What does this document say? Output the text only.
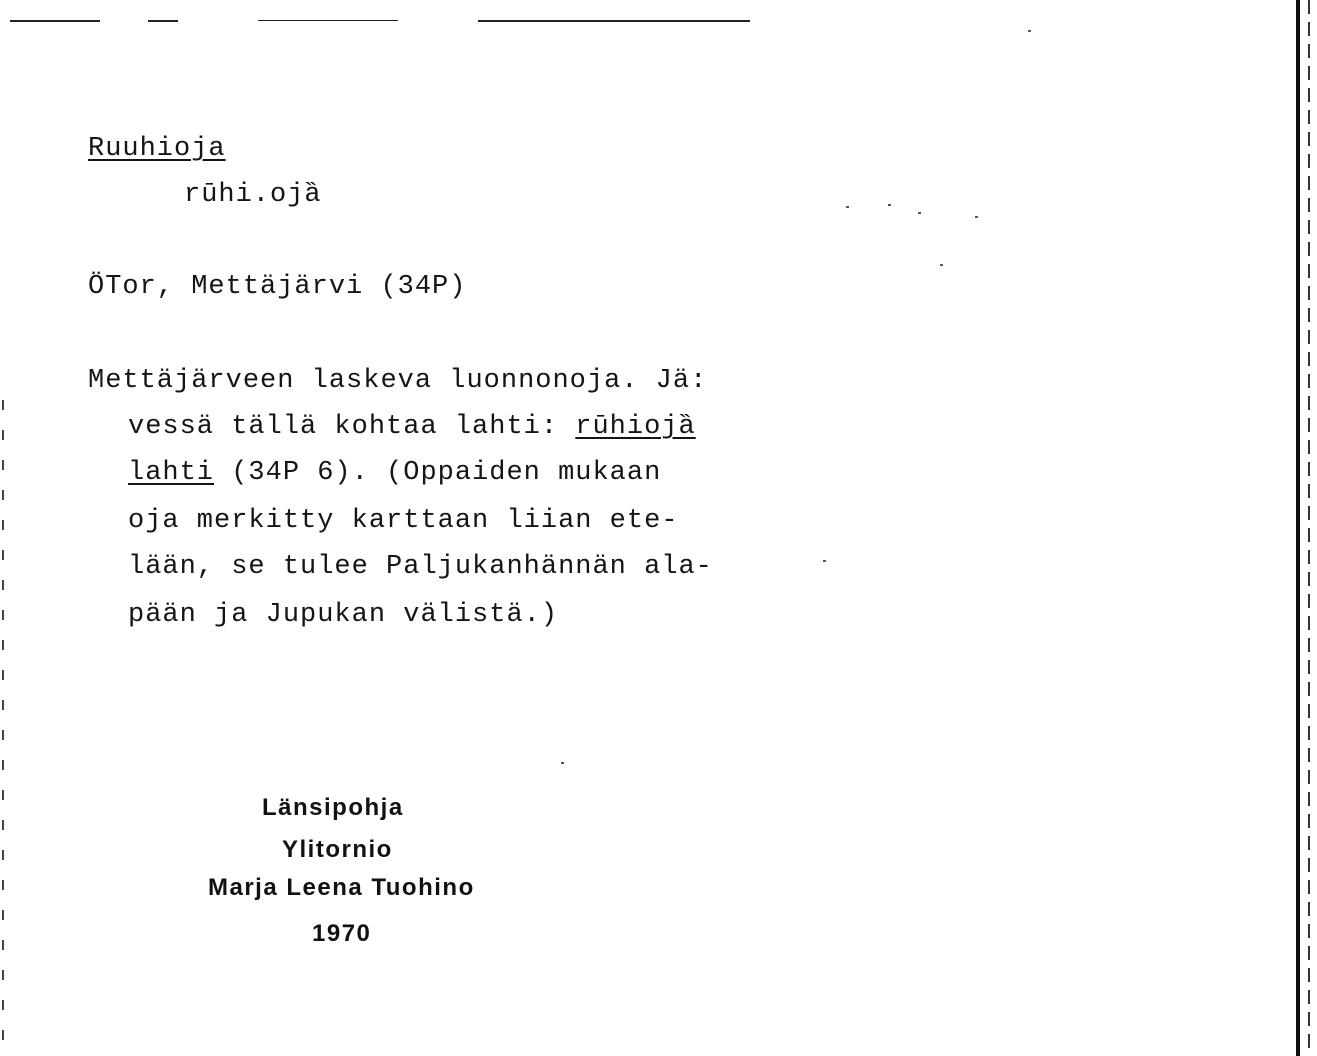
Ruuhioja
rūhi.ojȁ
ÖTor, Mettäjärvi (34P)
Mettäjärveen laskeva luonnonoja. Jä:
vessä tällä kohtaa lahti: rūhiojȁ
lahti (34P 6). (Oppaiden mukaan
oja merkitty karttaan liian ete-
lään, se tulee Paljukanhännän ala-
pään ja Jupukan välistä.)
Länsipohja
Ylitornio
Marja Leena Tuohino
1970
